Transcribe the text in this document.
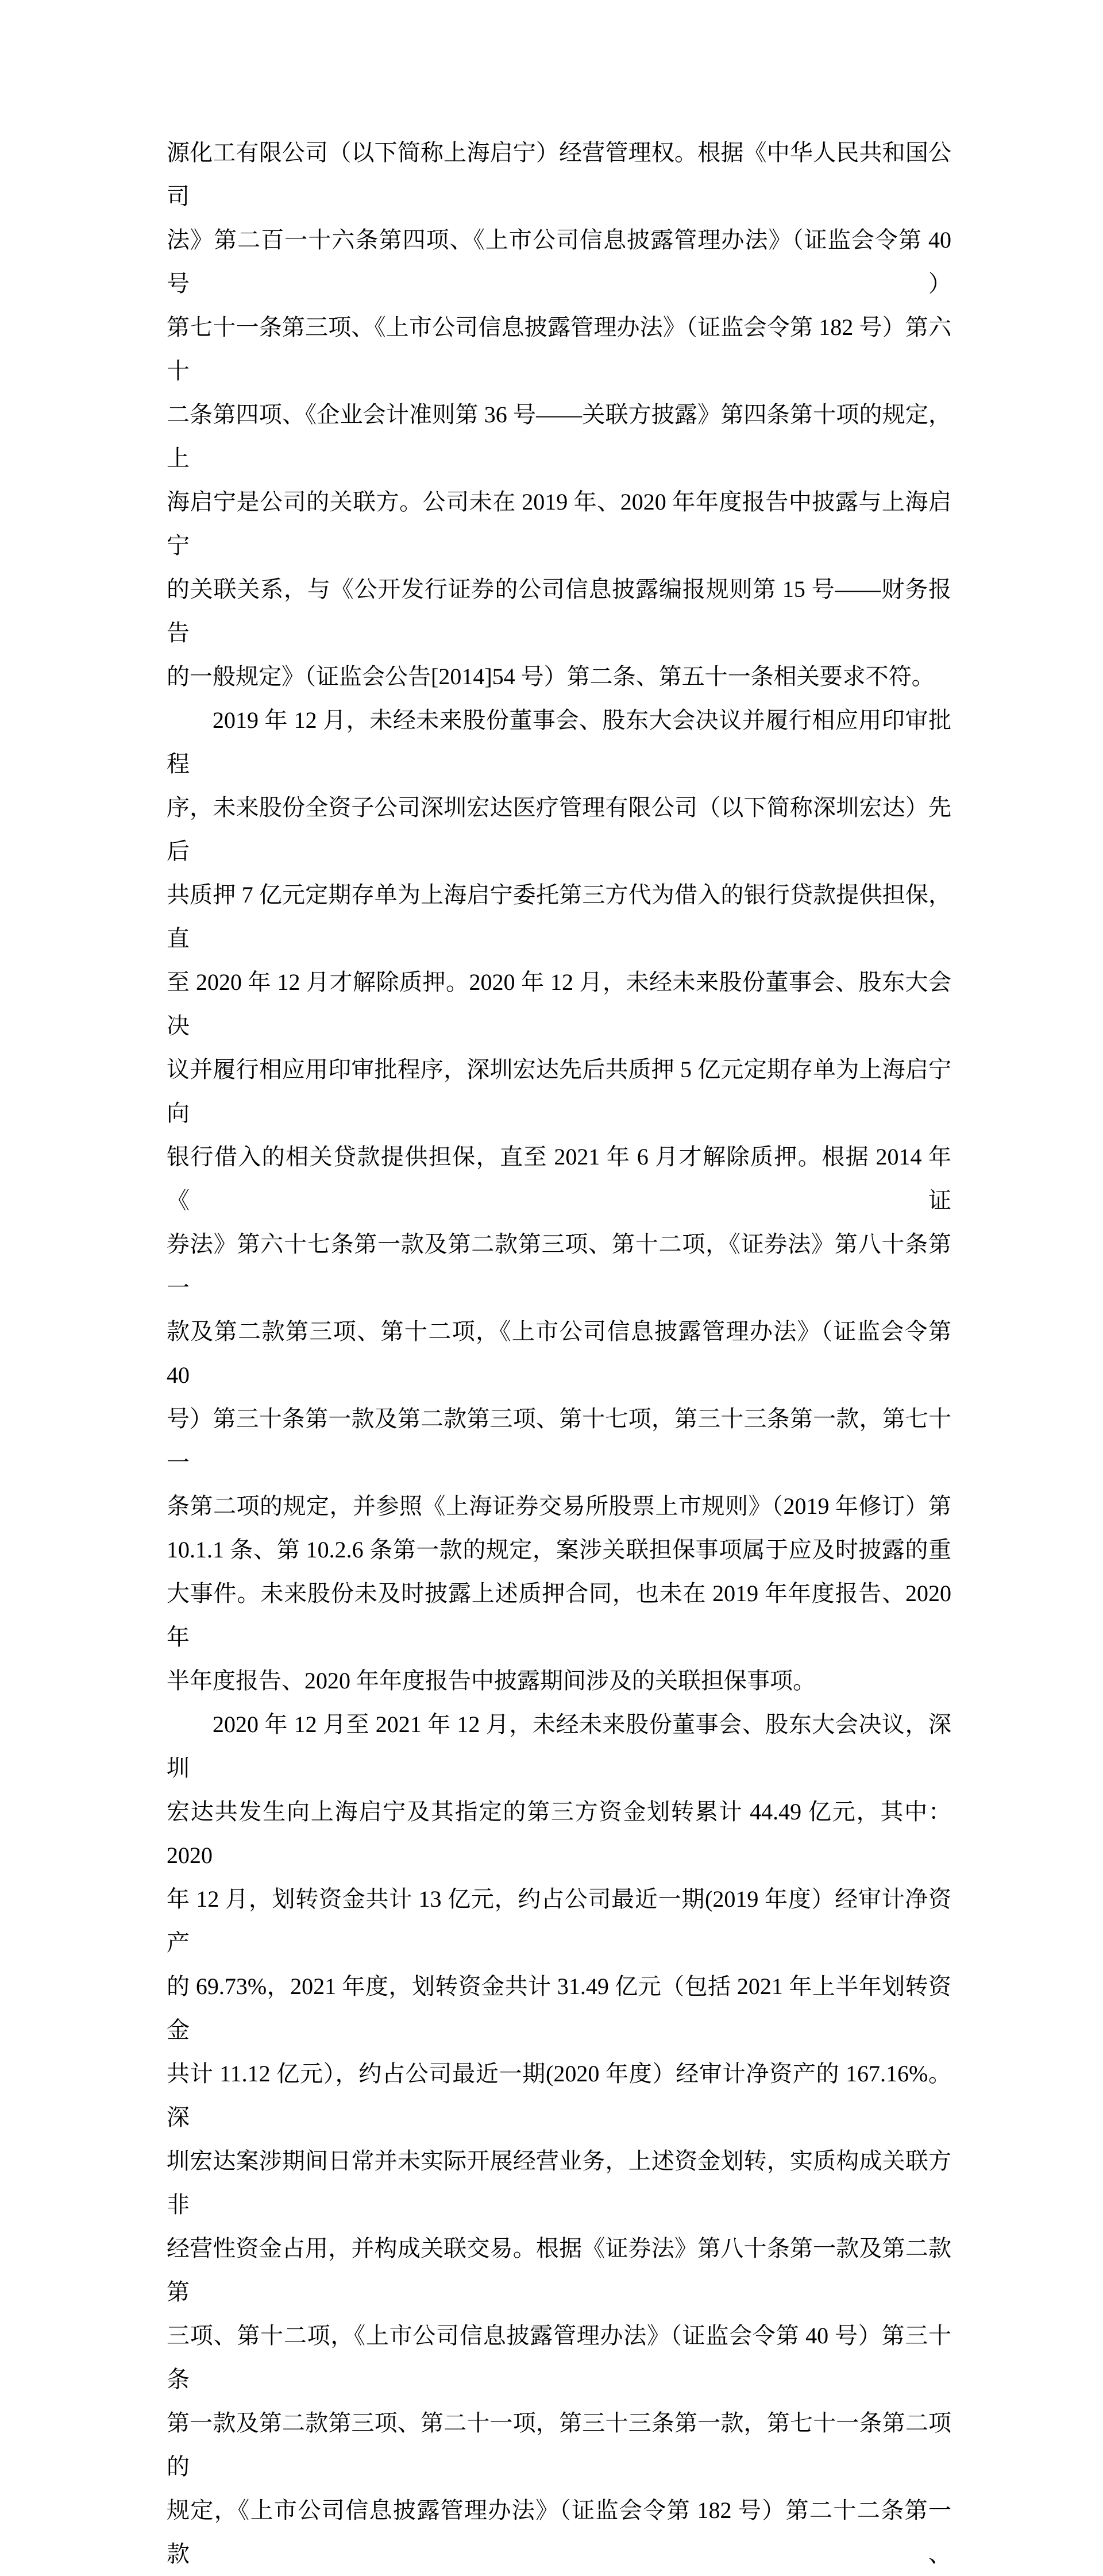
源化工有限公司（以下简称上海启宁）经营管理权。根据《中华人民共和国公司
法》第二百一十六条第四项、《上市公司信息披露管理办法》（证监会令第 40 号）
第七十一条第三项、《上市公司信息披露管理办法》（证监会令第 182 号）第六十
二条第四项、《企业会计准则第 36 号——关联方披露》第四条第十项的规定，上
海启宁是公司的关联方。公司未在 2019 年、2020 年年度报告中披露与上海启宁
的关联关系，与《公开发行证券的公司信息披露编报规则第 15 号——财务报告
的一般规定》（证监会公告[2014]54 号）第二条、第五十一条相关要求不符。
2019 年 12 月，未经未来股份董事会、股东大会决议并履行相应用印审批程
序，未来股份全资子公司深圳宏达医疗管理有限公司（以下简称深圳宏达）先后
共质押 7 亿元定期存单为上海启宁委托第三方代为借入的银行贷款提供担保，直
至 2020 年 12 月才解除质押。2020 年 12 月，未经未来股份董事会、股东大会决
议并履行相应用印审批程序，深圳宏达先后共质押 5 亿元定期存单为上海启宁向
银行借入的相关贷款提供担保，直至 2021 年 6 月才解除质押。根据 2014 年《证
券法》第六十七条第一款及第二款第三项、第十二项，《证券法》第八十条第一
款及第二款第三项、第十二项，《上市公司信息披露管理办法》（证监会令第 40
号）第三十条第一款及第二款第三项、第十七项，第三十三条第一款，第七十一
条第二项的规定，并参照《上海证券交易所股票上市规则》（2019 年修订）第
10.1.1 条、第 10.2.6 条第一款的规定，案涉关联担保事项属于应及时披露的重
大事件。未来股份未及时披露上述质押合同，也未在 2019 年年度报告、2020 年
半年度报告、2020 年年度报告中披露期间涉及的关联担保事项。
2020 年 12 月至 2021 年 12 月，未经未来股份董事会、股东大会决议，深圳
宏达共发生向上海启宁及其指定的第三方资金划转累计 44.49 亿元，其中：2020
年 12 月，划转资金共计 13 亿元，约占公司最近一期(2019 年度）经审计净资产
的 69.73%，2021 年度，划转资金共计 31.49 亿元（包括 2021 年上半年划转资金
共计 11.12 亿元），约占公司最近一期(2020 年度）经审计净资产的 167.16%。深
圳宏达案涉期间日常并未实际开展经营业务，上述资金划转，实质构成关联方非
经营性资金占用，并构成关联交易。根据《证券法》第八十条第一款及第二款第
三项、第十二项，《上市公司信息披露管理办法》（证监会令第 40 号）第三十条
第一款及第二款第三项、第二十一项，第三十三条第一款，第七十一条第二项的
规定，《上市公司信息披露管理办法》（证监会令第 182 号）第二十二条第一款、
